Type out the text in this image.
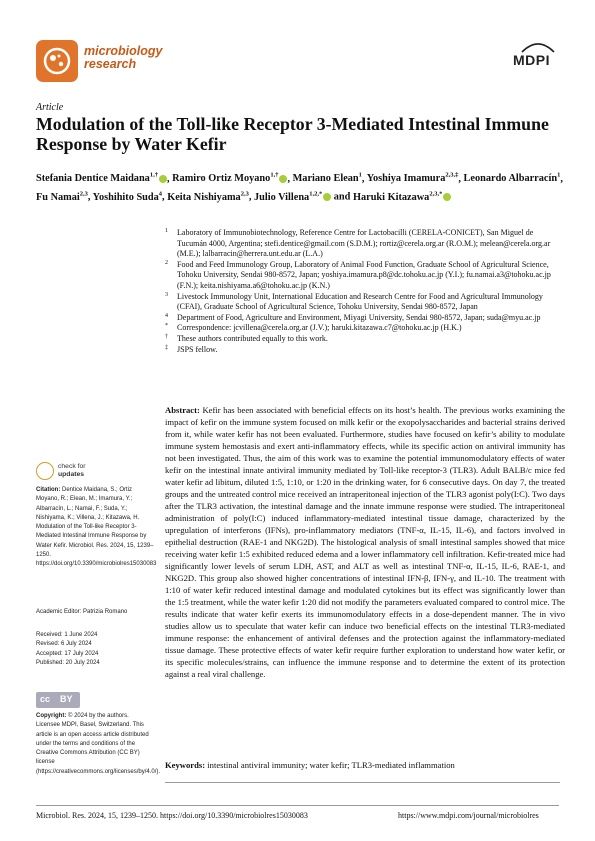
microbiology
research	MDPI
Article
Modulation of the Toll-like Receptor 3-Mediated Intestinal Immune Response by Water Kefir
Stefania Dentice Maidana$^{1,\dagger}$ , Ramiro Ortiz Moyano$^{1,\dagger}$ , Mariano Elean$^1$, Yoshiya Imamura$^{2,3,\ddagger}$, Leonardo Albarracín$^1$, Fu Namai$^{2,3}$, Yoshihito Suda$^4$, Keita Nishiyama$^{2,3}$, Julio Villena$^{1,2,*}$ and Haruki Kitazawa$^{2,3,*}$
1 Laboratory of Immunobiotechnology, Reference Centre for Lactobacilli (CERELA-CONICET), San Miguel de Tucumán 4000, Argentina; stefi.dentice@gmail.com (S.D.M.); rortiz@cerela.org.ar (R.O.M.); melean@cerela.org.ar (M.E.); lalbarracin@herrera.unt.edu.ar (L.A.)
2 Food and Feed Immunology Group, Laboratory of Animal Food Function, Graduate School of Agricultural Science, Tohoku University, Sendai 980-8572, Japan; yoshiya.imamura.p8@dc.tohoku.ac.jp (Y.I.); fu.namai.a3@tohoku.ac.jp (F.N.); keita.nishiyama.a6@tohoku.ac.jp (K.N.)
3 Livestock Immunology Unit, International Education and Research Centre for Food and Agricultural Immunology (CFAI), Graduate School of Agricultural Science, Tohoku University, Sendai 980-8572, Japan
4 Department of Food, Agriculture and Environment, Miyagi University, Sendai 980-8572, Japan; suda@myu.ac.jp
* Correspondence: jcvillena@cerela.org.ar (J.V.); haruki.kitazawa.c7@tohoku.ac.jp (H.K.)
† These authors contributed equally to this work.
‡ JSPS fellow.
Abstract: Kefir has been associated with beneficial effects on its host’s health. The previous works examining the impact of kefir on the immune system focused on milk kefir or the exopolysaccharides and bacterial strains derived from it, while water kefir has not been evaluated. Furthermore, studies have focused on kefir’s ability to modulate immune system hemostasis and exert anti-inflammatory effects, while its specific action on antiviral immunity has not been investigated. Thus, the aim of this work was to examine the potential immunomodulatory effects of water kefir on the intestinal innate antiviral immunity mediated by Toll-like receptor-3 (TLR3). Adult BALB/c mice fed water kefir ad libitum, diluted 1:5, 1:10, or 1:20 in the drinking water, for 6 consecutive days. On day 7, the treated groups and the untreated control mice received an intraperitoneal injection of the TLR3 agonist poly(I:C). Two days after the TLR3 activation, the intestinal damage and the innate immune response were studied. The intraperitoneal administration of poly(I:C) induced inflammatory-mediated intestinal tissue damage, characterized by the upregulation of interferons (IFNs), pro-inflammatory mediators (TNF-α, IL-15, IL-6), and factors involved in epithelial destruction (RAE-1 and NKG2D). The histological analysis of small intestinal samples showed that mice receiving water kefir 1:5 exhibited reduced edema and a lower inflammatory cell infiltration. Kefir-treated mice had significantly lower levels of serum LDH, AST, and ALT as well as intestinal TNF-α, IL-15, IL-6, RAE-1, and NKG2D. This group also showed higher concentrations of intestinal IFN-β, IFN-γ, and IL-10. The treatment with 1:10 of water kefir reduced intestinal damage and modulated cytokines but its effect was significantly lower than the 1:5 treatment, while the water kefir 1:20 did not modify the parameters evaluated compared to control mice. The results indicate that water kefir exerts its immunomodulatory effects in a dose-dependent manner. The in vivo studies allow us to speculate that water kefir can induce two beneficial effects on the intestinal TLR3-mediated immune response: the enhancement of antiviral defenses and the protection against the inflammatory-mediated tissue damage. These protective effects of water kefir require further exploration to understand how water kefir, or its specific molecules/strains, can influence the immune response and to determine the extent of its protection against a real viral challenge.
Keywords: intestinal antiviral immunity; water kefir; TLR3-mediated inflammation
check for
updates
Citation: Dentice Maidana, S.; Ortiz Moyano, R.; Elean, M.; Imamura, Y.; Albarracín, L.; Namai, F.; Suda, Y.; Nishiyama, K.; Villena, J.; Kitazawa, H. Modulation of the Toll-like Receptor 3-Mediated Intestinal Immune Response by Water Kefir. Microbiol. Res. 2024, 15, 1239–1250. https://doi.org/10.3390/microbiolres15030083
Academic Editor: Patrizia Romano
Received: 1 June 2024
Revised: 6 July 2024
Accepted: 17 July 2024
Published: 20 July 2024
cc BY
Copyright: © 2024 by the authors. Licensee MDPI, Basel, Switzerland. This article is an open access article distributed under the terms and conditions of the Creative Commons Attribution (CC BY) license (https://creativecommons.org/licenses/by/4.0/).
Microbiol. Res. 2024, 15, 1239–1250. https://doi.org/10.3390/microbiolres15030083	https://www.mdpi.com/journal/microbiolres
